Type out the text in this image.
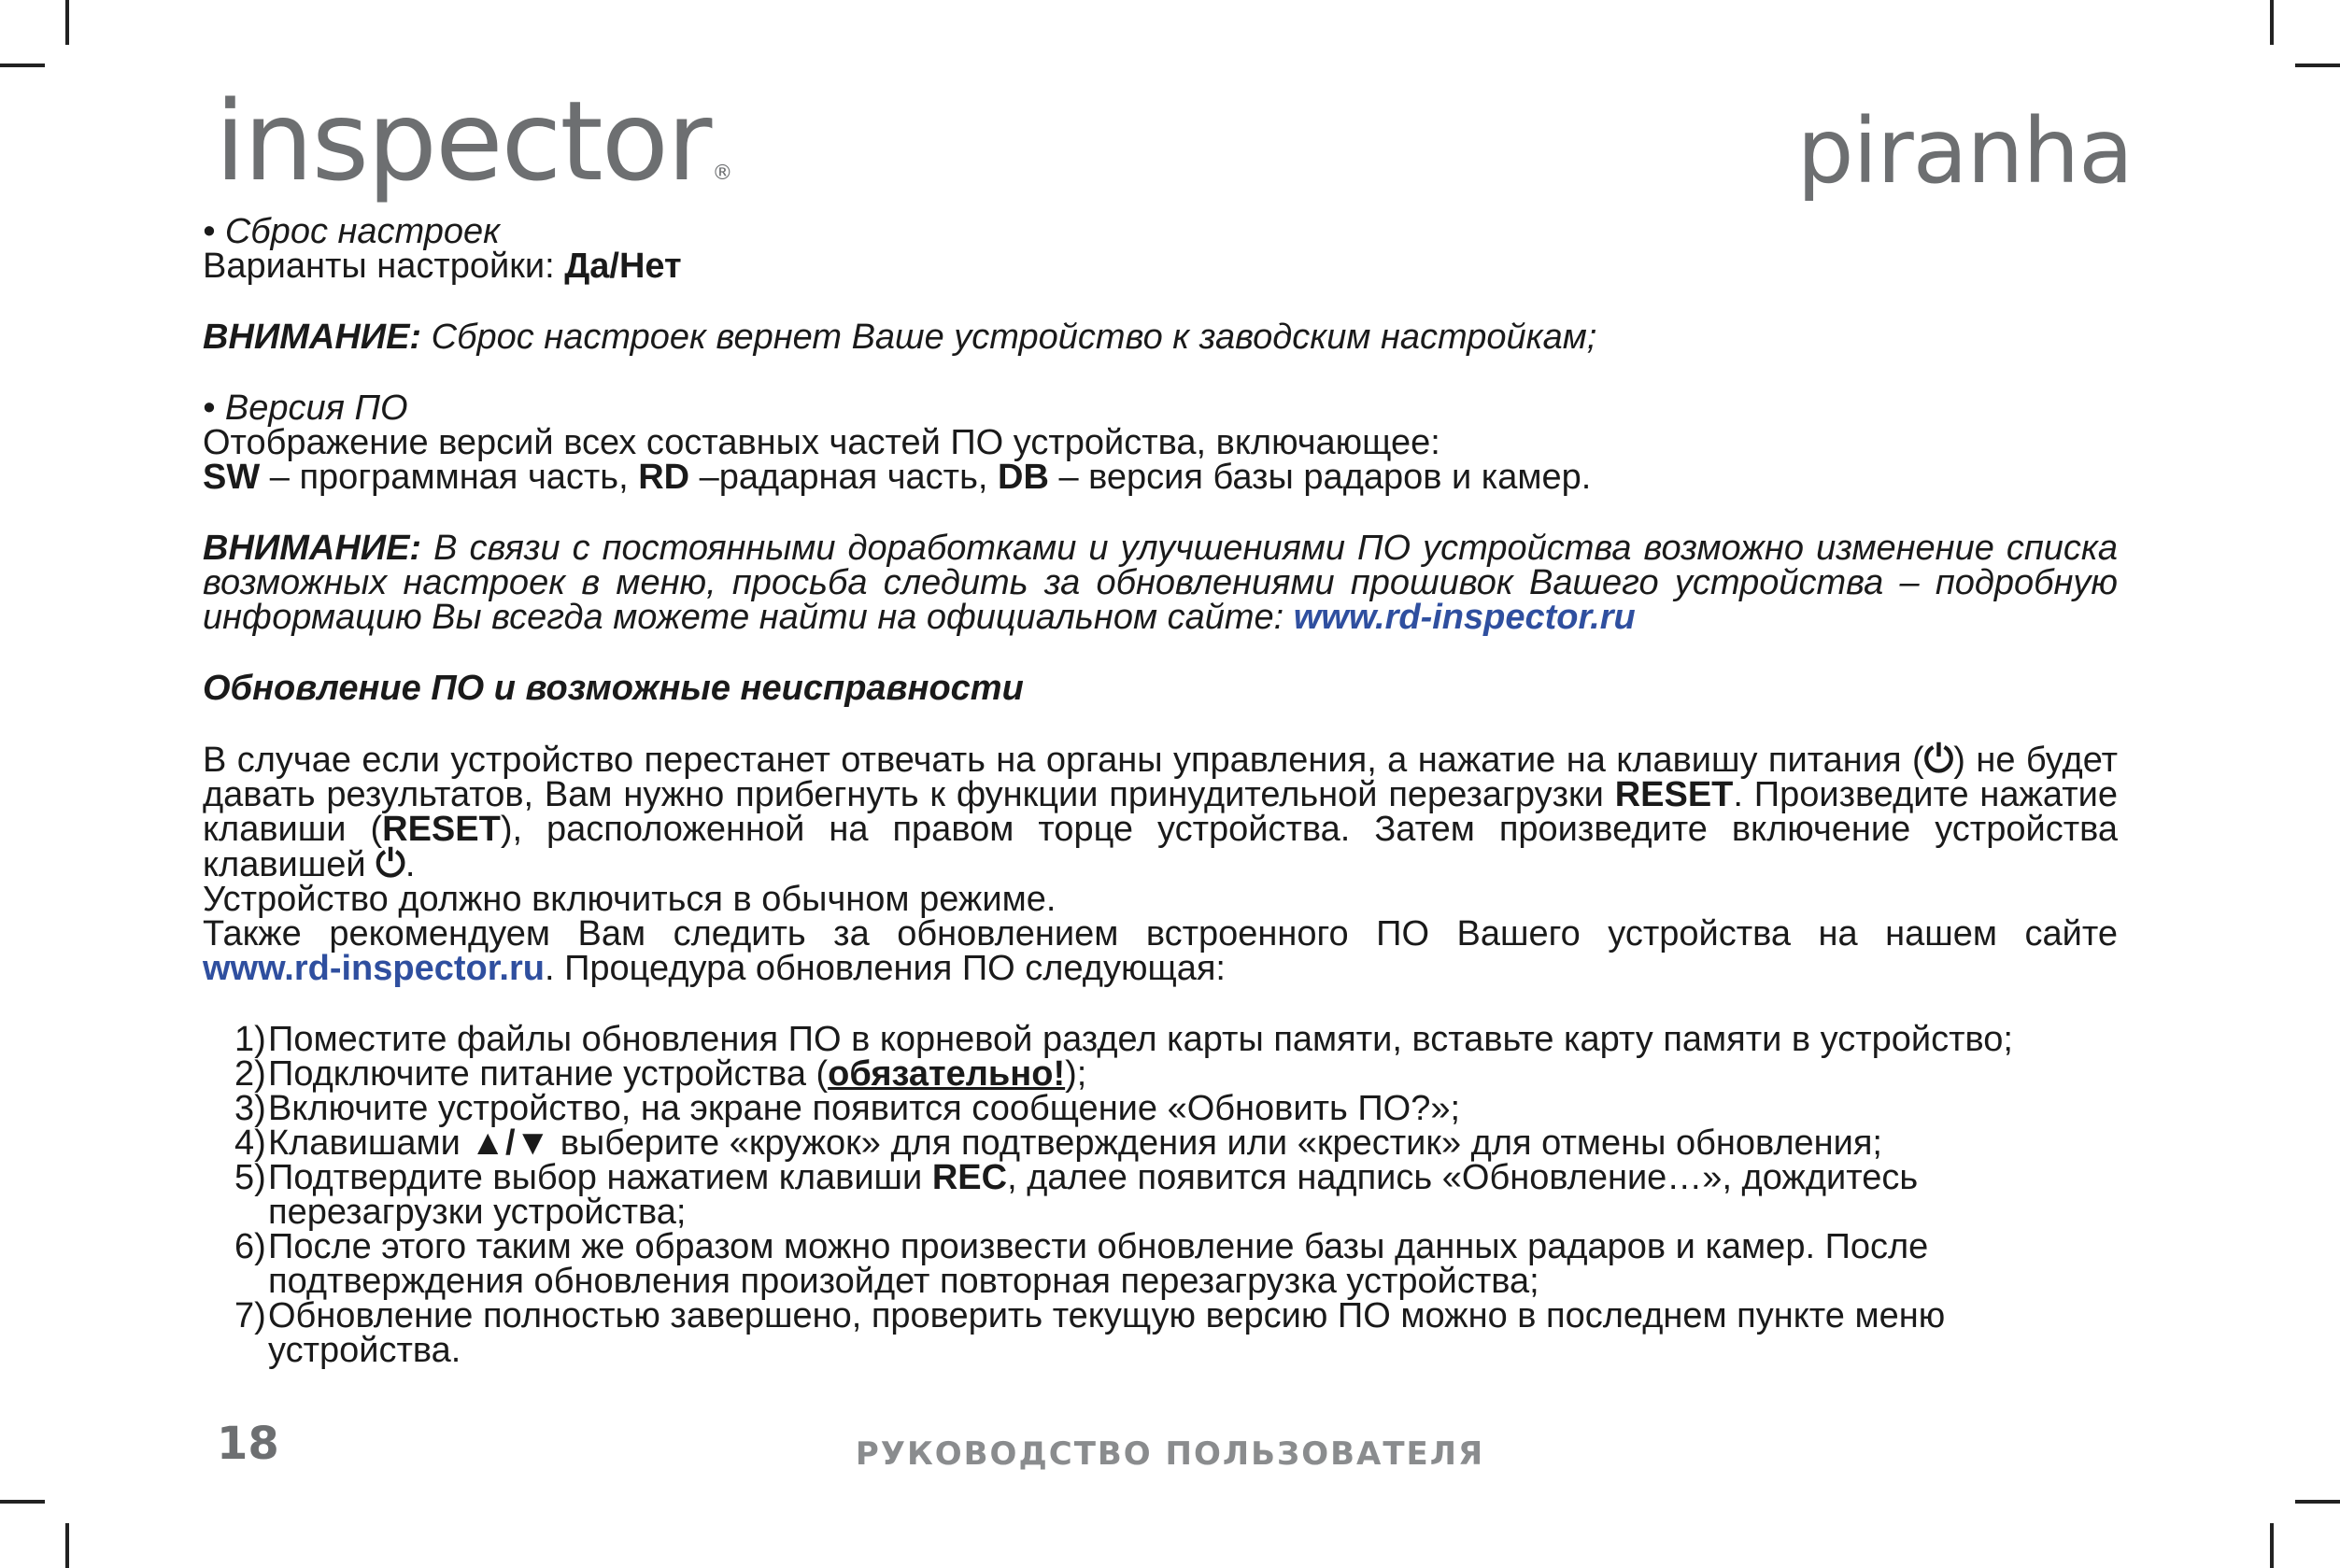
inspector®	piranha

• Сброс настроек

Варианты настройки: Да/Нет

ВНИМАНИЕ: Сброс настроек вернет Ваше устройство к заводским настройкам;

• Версия ПО

Отображение версий всех составных частей ПО устройства, включающее:

SW – программная часть, RD –радарная часть, DB – версия базы радаров и камер.

ВНИМАНИЕ: В связи с постоянными доработками и улучшениями ПО устройства возможно изменение списка возможных настроек в меню, просьба следить за обновлениями прошивок Вашего устройства – подробную информацию Вы всегда можете найти на официальном сайте: www.rd-inspector.ru

Обновление ПО и возможные неисправности

В случае если устройство перестанет отвечать на органы управления, а нажатие на клавишу питания (⏻) не будет давать результатов, Вам нужно прибегнуть к функции принудительной перезагрузки RESET. Произведите нажатие клавиши (RESET), расположенной на правом торце устройства. Затем произведите включение устройства клавишей ⏻.

Устройство должно включиться в обычном режиме.

Также рекомендуем Вам следить за обновлением встроенного ПО Вашего устройства на нашем сайте

www.rd-inspector.ru. Процедура обновления ПО следующая:

1) Поместите файлы обновления ПО в корневой раздел карты памяти, вставьте карту памяти в устройство;
2) Подключите питание устройства (обязательно!);
3) Включите устройство, на экране появится сообщение «Обновить ПО?»;
4) Клавишами ▲/▼ выберите «кружок» для подтверждения или «крестик» для отмены обновления;
5) Подтвердите выбор нажатием клавиши REC, далее появится надпись «Обновление…», дождитесь перезагрузки устройства;
6) После этого таким же образом можно произвести обновление базы данных радаров и камер. После подтверждения обновления произойдет повторная перезагрузка устройства;
7) Обновление полностью завершено, проверить текущую версию ПО можно в последнем пункте меню устройства.
18	РУКОВОДСТВО ПОЛЬЗОВАТЕЛЯ
